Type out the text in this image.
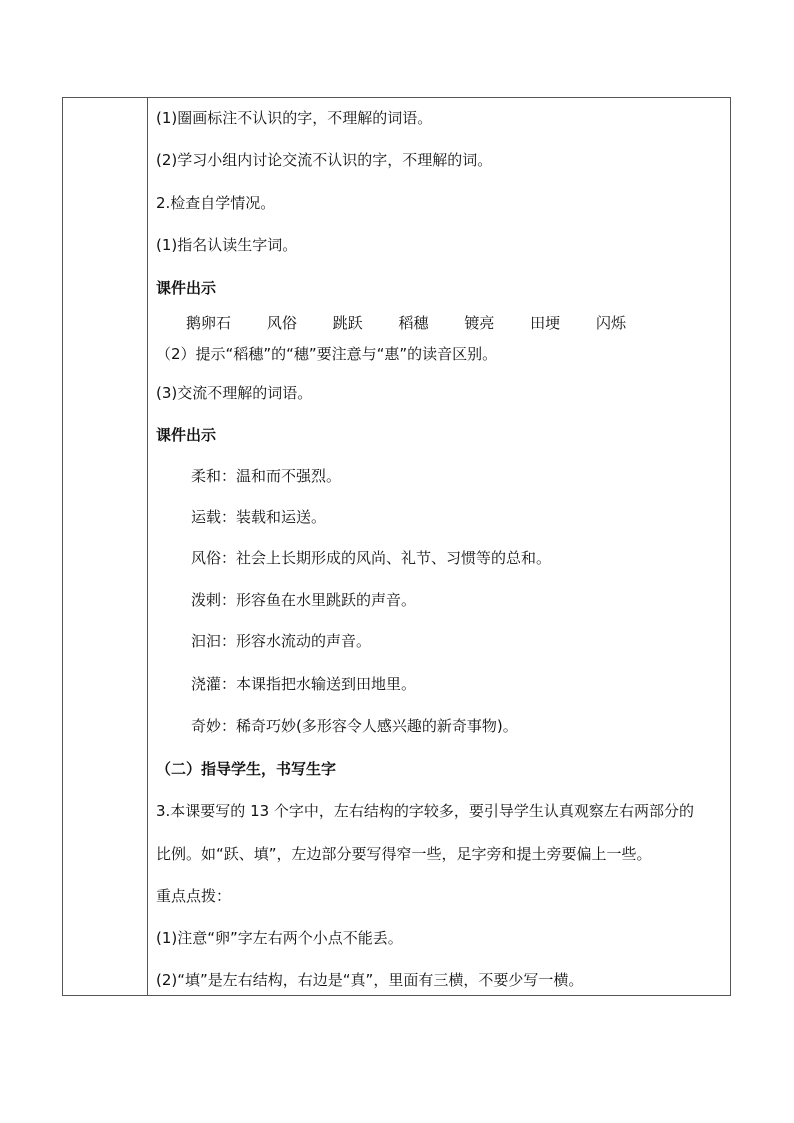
(1)圈画标注不认识的字，不理解的词语。
(2)学习小组内讨论交流不认识的字，不理解的词。
2.检查自学情况。
(1)指名认读生字词。
课件出示
鹅卵石 风俗 跳跃 稻穗 镀亮 田埂 闪烁
（2）提示“稻穗”的“穗”要注意与“惠”的读音区别。
(3)交流不理解的词语。
课件出示
柔和：温和而不强烈。
运载：装载和运送。
风俗：社会上长期形成的风尚、礼节、习惯等的总和。
泼剌：形容鱼在水里跳跃的声音。
汩汩：形容水流动的声音。
浇灌：本课指把水输送到田地里。
奇妙：稀奇巧妙(多形容令人感兴趣的新奇事物)。
（二）指导学生，书写生字
3.本课要写的 13 个字中，左右结构的字较多，要引导学生认真观察左右两部分的
比例。如“跃、填”，左边部分要写得窄一些，足字旁和提土旁要偏上一些。
重点点拨：
(1)注意“卵”字左右两个小点不能丢。
(2)“填”是左右结构，右边是“真”，里面有三横，不要少写一横。
